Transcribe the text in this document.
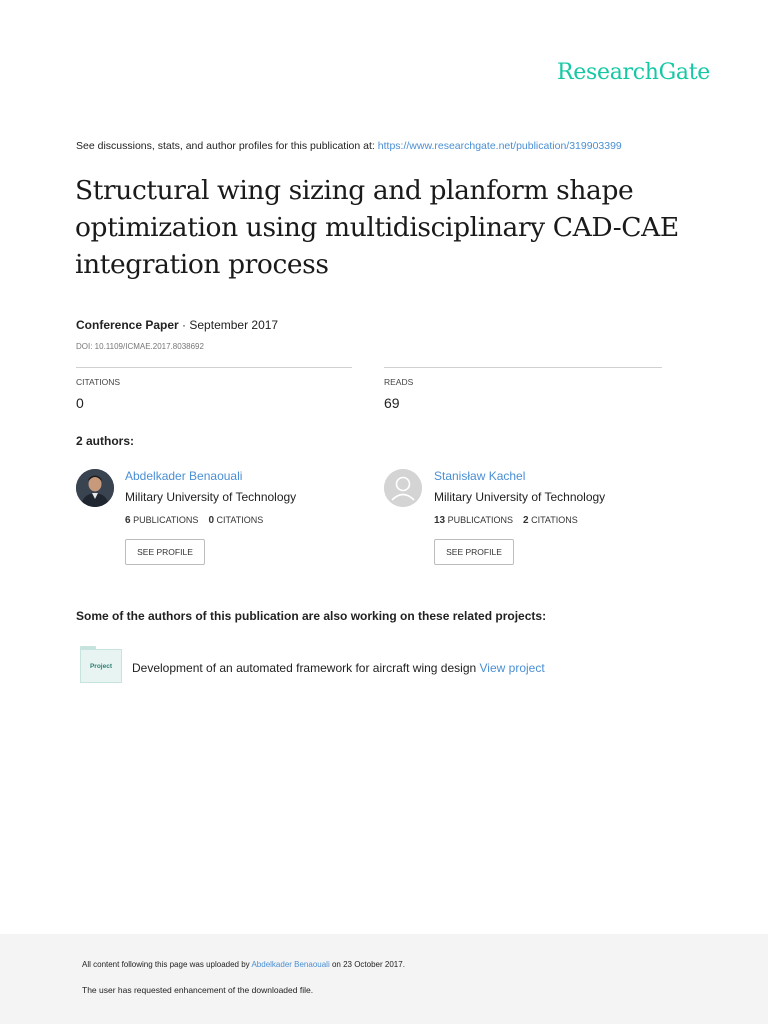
ResearchGate
See discussions, stats, and author profiles for this publication at: https://www.researchgate.net/publication/319903399
Structural wing sizing and planform shape optimization using multidisciplinary CAD-CAE integration process
Conference Paper · September 2017
DOI: 10.1109/ICMAE.2017.8038692
CITATIONS
0
READS
69
2 authors:
Abdelkader Benaouali
Military University of Technology
6 PUBLICATIONS 0 CITATIONS
SEE PROFILE
Stanisław Kachel
Military University of Technology
13 PUBLICATIONS 2 CITATIONS
SEE PROFILE
Some of the authors of this publication are also working on these related projects:
Project Development of an automated framework for aircraft wing design View project
All content following this page was uploaded by Abdelkader Benaouali on 23 October 2017.
The user has requested enhancement of the downloaded file.
